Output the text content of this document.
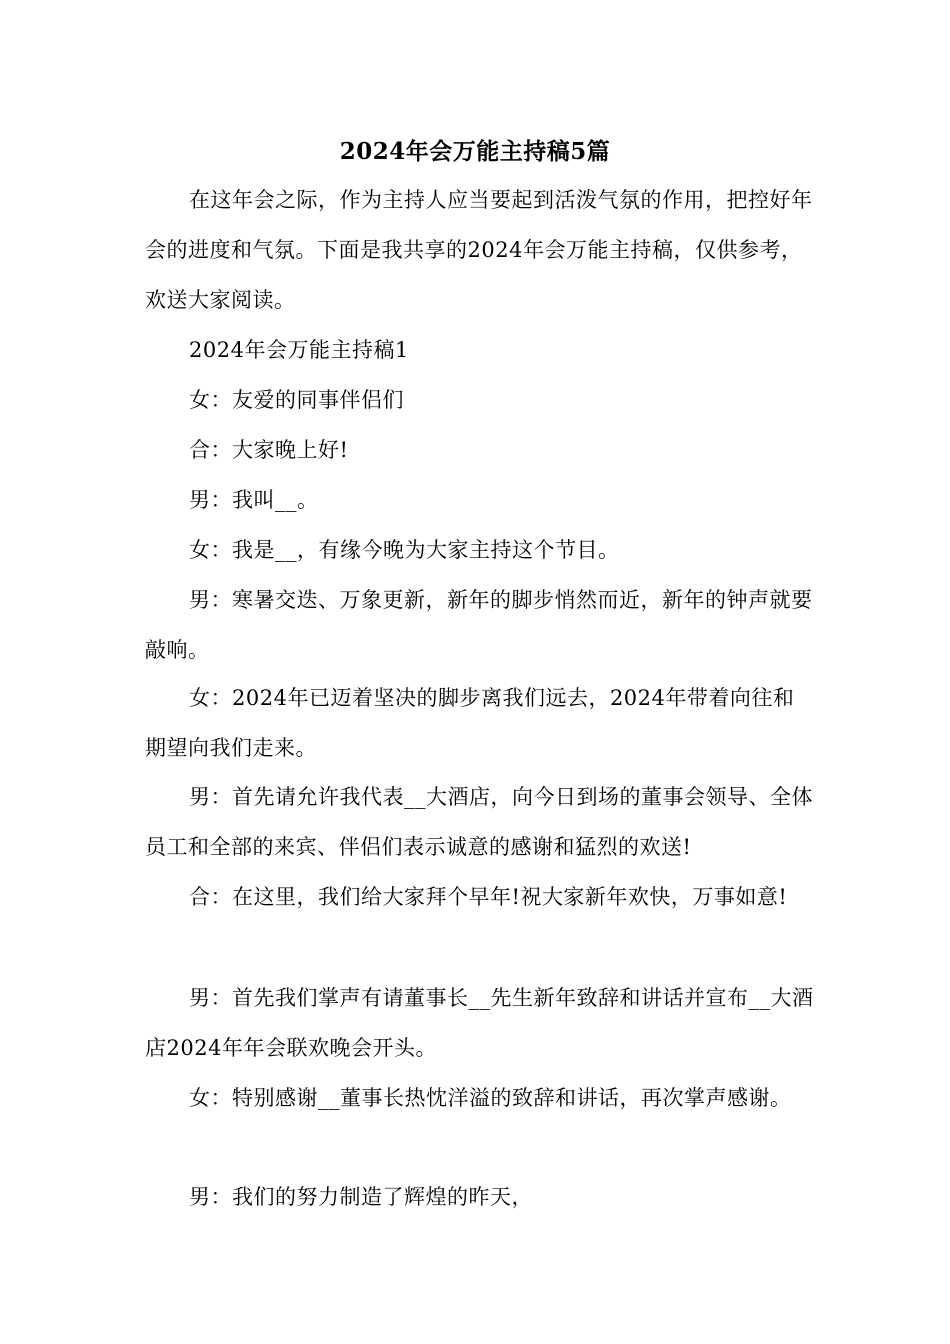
2024年会万能主持稿5篇

在这年会之际，作为主持人应当要起到活泼气氛的作用，把控好年会的进度和气氛。下面是我共享的2024年会万能主持稿，仅供参考，欢送大家阅读。

2024年会万能主持稿1

女：友爱的同事伴侣们

合：大家晚上好!

男：我叫__。

女：我是__，有缘今晚为大家主持这个节目。

男：寒暑交迭、万象更新，新年的脚步悄然而近，新年的钟声就要敲响。

女：2024年已迈着坚决的脚步离我们远去，2024年带着向往和期望向我们走来。

男：首先请允许我代表__大酒店，向今日到场的董事会领导、全体员工和全部的来宾、伴侣们表示诚意的感谢和猛烈的欢送!

合：在这里，我们给大家拜个早年!祝大家新年欢快，万事如意!

男：首先我们掌声有请董事长__先生新年致辞和讲话并宣布__大酒店2024年年会联欢晚会开头。

女：特别感谢__董事长热忱洋溢的致辞和讲话，再次掌声感谢。

男：我们的努力制造了辉煌的昨天，
